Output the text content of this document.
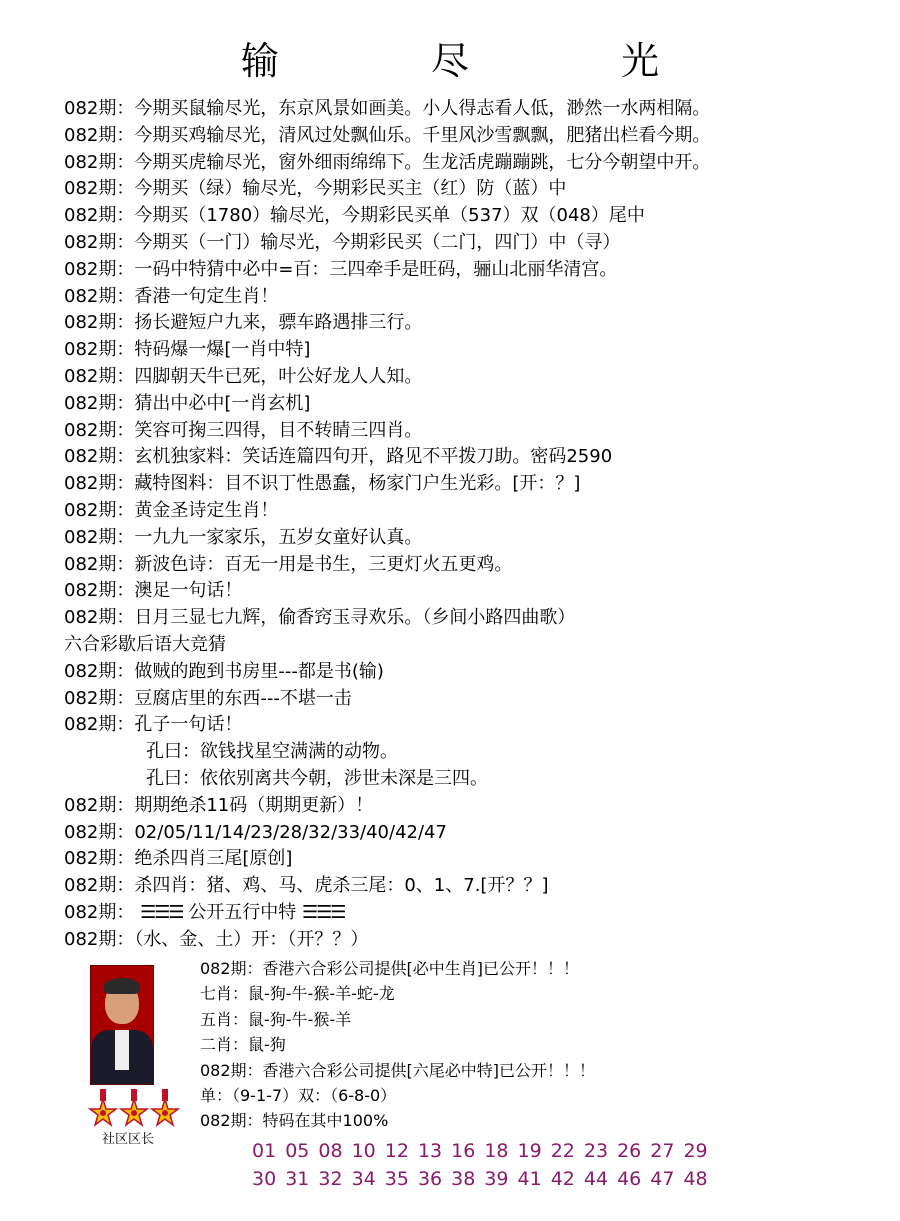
输 尽 光
082期：今期买鼠输尽光，东京风景如画美。小人得志看人低，渺然一水两相隔。
082期：今期买鸡输尽光，清风过处飘仙乐。千里风沙雪飘飘，肥猪出栏看今期。
082期：今期买虎输尽光，窗外细雨绵绵下。生龙活虎蹦蹦跳，七分今朝望中开。
082期：今期买（绿）输尽光，今期彩民买主（红）防（蓝）中
082期：今期买（1780）输尽光，今期彩民买单（537）双（048）尾中
082期：今期买（一门）输尽光，今期彩民买（二门，四门）中（寻）
082期：一码中特猜中必中=百：三四牵手是旺码，骊山北丽华清宫。
082期：香港一句定生肖！
082期：扬长避短户九来，骠车路遇排三行。
082期：特码爆一爆[一肖中特]
082期：四脚朝天牛已死，叶公好龙人人知。
082期：猜出中必中[一肖玄机]
082期：笑容可掬三四得，目不转睛三四肖。
082期：玄机独家料：笑话连篇四句开，路见不平拨刀助。密码2590
082期：藏特图料：目不识丁性愚蠢，杨家门户生光彩。[开：？]
082期：黄金圣诗定生肖！
082期：一九九一家家乐，五岁女童好认真。
082期：新波色诗：百无一用是书生，三更灯火五更鸡。
082期：澳足一句话！
082期：日月三显七九辉，偷香窍玉寻欢乐。（乡间小路四曲歌）
六合彩歇后语大竞猜
082期：做贼的跑到书房里---都是书(输)
082期：豆腐店里的东西---不堪一击
082期：孔子一句话！
孔曰：欲钱找星空满满的动物。
孔曰：依依别离共今朝，涉世未深是三四。
082期：期期绝杀11码（期期更新）！
082期：02/05/11/14/23/28/32/33/40/42/47
082期：绝杀四肖三尾[原创]
082期：杀四肖：猪、鸡、马、虎杀三尾：0、1、7.[开？？]
082期： ☰☰☰ 公开五行中特 ☰☰☰
082期：（水、金、土）开：（开？？）
社区区长
082期：香港六合彩公司提供[必中生肖]已公开！！！
七肖：鼠-狗-牛-猴-羊-蛇-龙
五肖：鼠-狗-牛-猴-羊
二肖：鼠-狗
082期：香港六合彩公司提供[六尾必中特]已公开！！！
单：（9-1-7）双：（6-8-0）
082期：特码在其中100%
01 05 08 10 12 13 16 18 19 22 23 26 27 29
30 31 32 34 35 36 38 39 41 42 44 46 47 48
